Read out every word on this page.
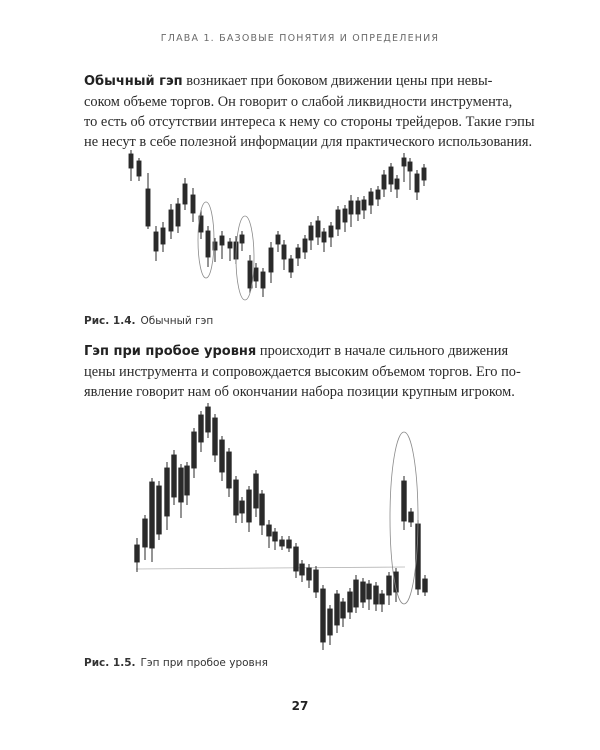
ГЛАВА 1. БАЗОВЫЕ ПОНЯТИЯ И ОПРЕДЕЛЕНИЯ
Обычный гэп возникает при боковом движении цены при невы-
соком объеме торгов. Он говорит о слабой ликвидности инструмента,
то есть об отсутствии интереса к нему со стороны трейдеров. Такие гэпы
не несут в себе полезной информации для практического использования.
Рис. 1.4. Обычный гэп
Гэп при пробое уровня происходит в начале сильного движения
цены инструмента и сопровождается высоким объемом торгов. Его по-
явление говорит нам об окончании набора позиции крупным игроком.
Рис. 1.5. Гэп при пробое уровня
27
